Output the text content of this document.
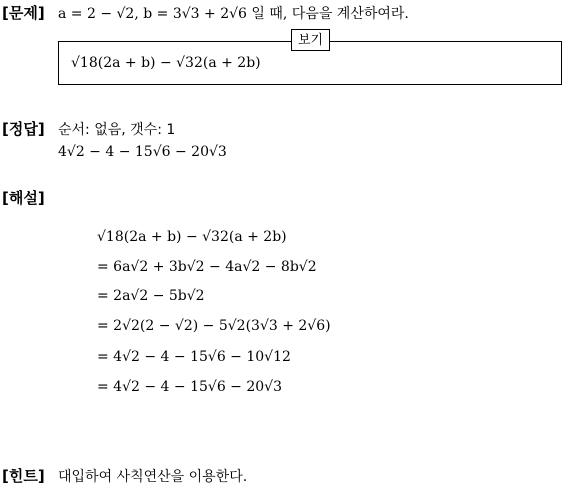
[문제] a = 2 − √2, b = 3√3 + 2√6 일 때, 다음을 계산하여라.
√18(2a + b) − √32(a + 2b)
보기
[정답] 순서: 없음, 갯수: 1
4√2 − 4 − 15√6 − 20√3
[해설]
√18(2a + b) − √32(a + 2b)
= 6a√2 + 3b√2 − 4a√2 − 8b√2
= 2a√2 − 5b√2
= 2√2(2 − √2) − 5√2(3√3 + 2√6)
= 4√2 − 4 − 15√6 − 10√12
= 4√2 − 4 − 15√6 − 20√3
[힌트] 대입하여 사칙연산을 이용한다.
